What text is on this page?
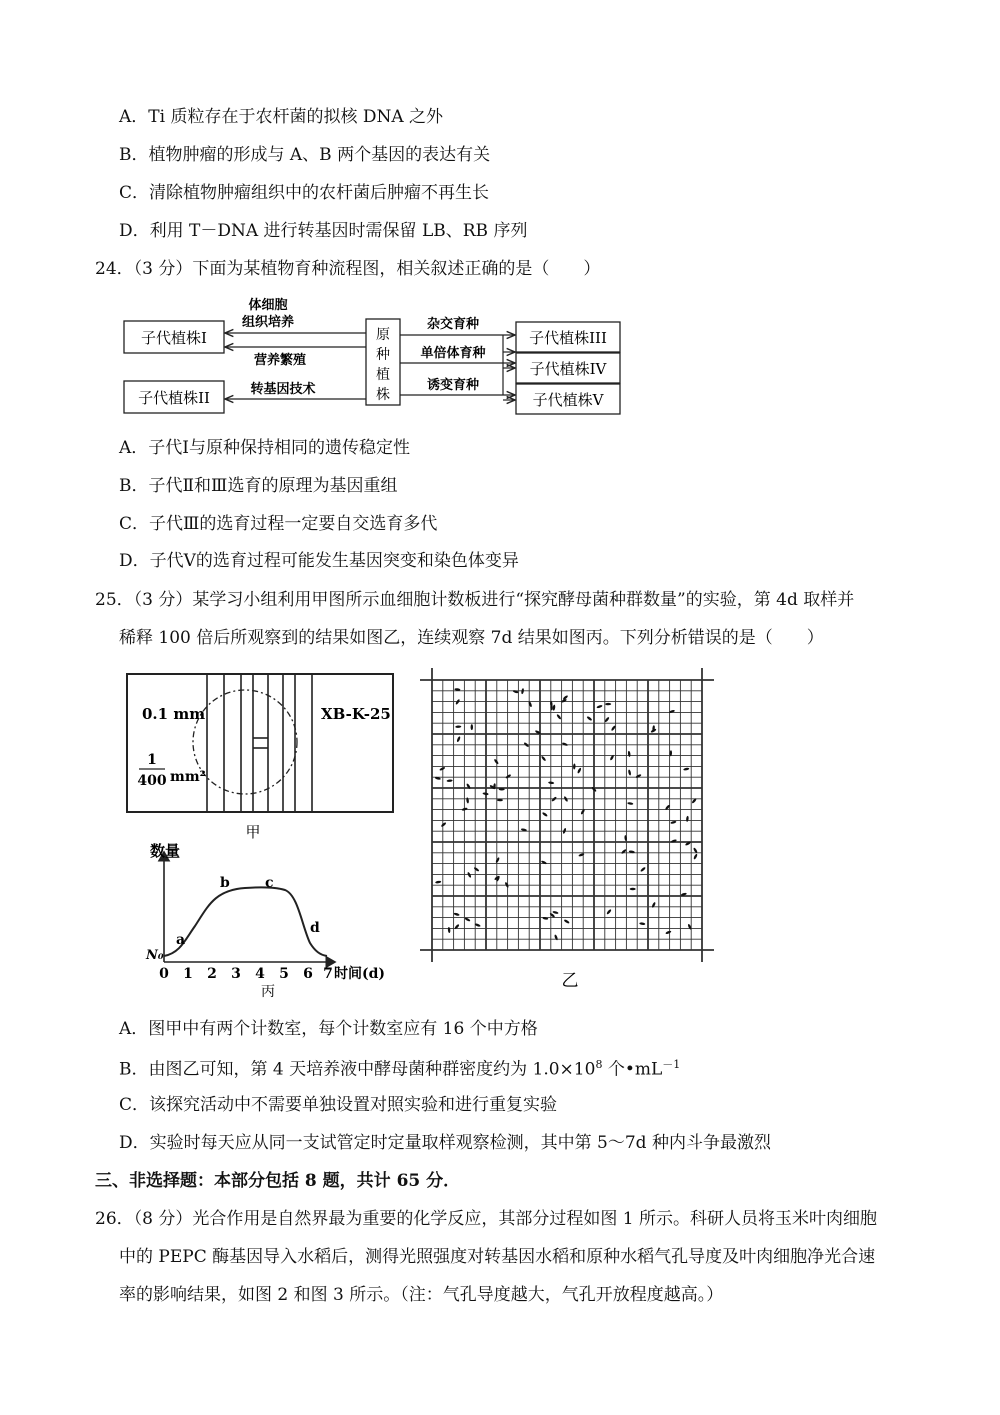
A．Ti 质粒存在于农杆菌的拟核 DNA 之外
B．植物肿瘤的形成与 A、B 两个基因的表达有关
C．清除植物肿瘤组织中的农杆菌后肿瘤不再生长
D．利用 T－DNA 进行转基因时需保留 LB、RB 序列
24．（3 分）下面为某植物育种流程图，相关叙述正确的是（　　）
原
种
植
株
子代植株I
子代植株II
子代植株III
子代植株IV
子代植株V
体细胞
组织培养
营养繁殖
转基因技术
杂交育种
单倍体育种
诱变育种
A．子代Ⅰ与原种保持相同的遗传稳定性
B．子代Ⅱ和Ⅲ选育的原理为基因重组
C．子代Ⅲ的选育过程一定要自交选育多代
D．子代Ⅴ的选育过程可能发生基因突变和染色体变异
25．（3 分）某学习小组利用甲图所示血细胞计数板进行“探究酵母菌种群数量”的实验，第 4d 取样并
稀释 100 倍后所观察到的结果如图乙，连续观察 7d 结果如图丙。下列分析错误的是（　　）
0.1 mm
1
400 mm²
XB-K-25
甲
乙
数量
N₀
a
b	c
d
0 1 2 3 4 5 6 7 时间(d)
丙
A．图甲中有两个计数室，每个计数室应有 16 个中方格
B．由图乙可知，第 4 天培养液中酵母菌种群密度约为 $1.0\times 10^8$ 个$•mL^{-1}$
C．该探究活动中不需要单独设置对照实验和进行重复实验
D．实验时每天应从同一支试管定时定量取样观察检测，其中第 5～7d 种内斗争最激烈
三、非选择题：本部分包括 8 题，共计 65 分．
26．（8 分）光合作用是自然界最为重要的化学反应，其部分过程如图 1 所示。科研人员将玉米叶肉细胞
中的 PEPC 酶基因导入水稻后，测得光照强度对转基因水稻和原种水稻气孔导度及叶肉细胞净光合速
率的影响结果，如图 2 和图 3 所示。（注：气孔导度越大，气孔开放程度越高。）
